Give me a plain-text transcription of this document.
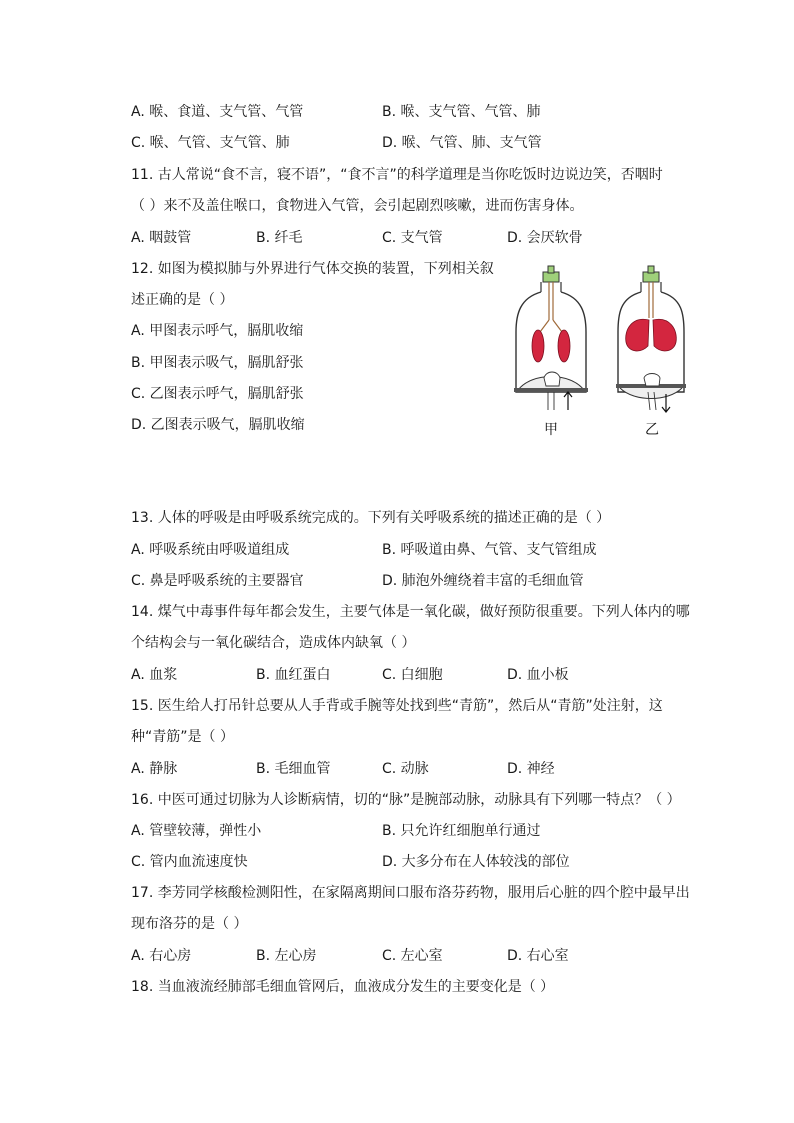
A. 喉、食道、支气管、气管	B. 喉、支气管、气管、肺
C. 喉、气管、支气管、肺	D. 喉、气管、肺、支气管
11. 古人常说“食不言，寝不语”，“食不言”的科学道理是当你吃饭时边说边笑，否咽时
（ ）来不及盖住喉口，食物进入气管，会引起剧烈咳嗽，进而伤害身体。
A. 咽鼓管	B. 纤毛	C. 支气管	D. 会厌软骨
12. 如图为模拟肺与外界进行气体交换的装置，下列相关叙
述正确的是（ ）
A. 甲图表示呼气，膈肌收缩
B. 甲图表示吸气，膈肌舒张
C. 乙图表示呼气，膈肌舒张
D. 乙图表示吸气，膈肌收缩	甲	乙
13. 人体的呼吸是由呼吸系统完成的。下列有关呼吸系统的描述正确的是（ ）
A. 呼吸系统由呼吸道组成	B. 呼吸道由鼻、气管、支气管组成
C. 鼻是呼吸系统的主要器官	D. 肺泡外缠绕着丰富的毛细血管
14. 煤气中毒事件每年都会发生，主要气体是一氧化碳，做好预防很重要。下列人体内的哪
个结构会与一氧化碳结合，造成体内缺氧（ ）
A. 血浆	B. 血红蛋白	C. 白细胞	D. 血小板
15. 医生给人打吊针总要从人手背或手腕等处找到些“青筋”，然后从“青筋”处注射，这
种“青筋”是（ ）
A. 静脉	B. 毛细血管	C. 动脉	D. 神经
16. 中医可通过切脉为人诊断病情，切的“脉”是腕部动脉，动脉具有下列哪一特点？（ ）
A. 管壁较薄，弹性小	B. 只允许红细胞单行通过
C. 管内血流速度快	D. 大多分布在人体较浅的部位
17. 李芳同学核酸检测阳性，在家隔离期间口服布洛芬药物，服用后心脏的四个腔中最早出
现布洛芬的是（ ）
A. 右心房	B. 左心房	C. 左心室	D. 右心室
18. 当血液流经肺部毛细血管网后，血液成分发生的主要变化是（ ）
